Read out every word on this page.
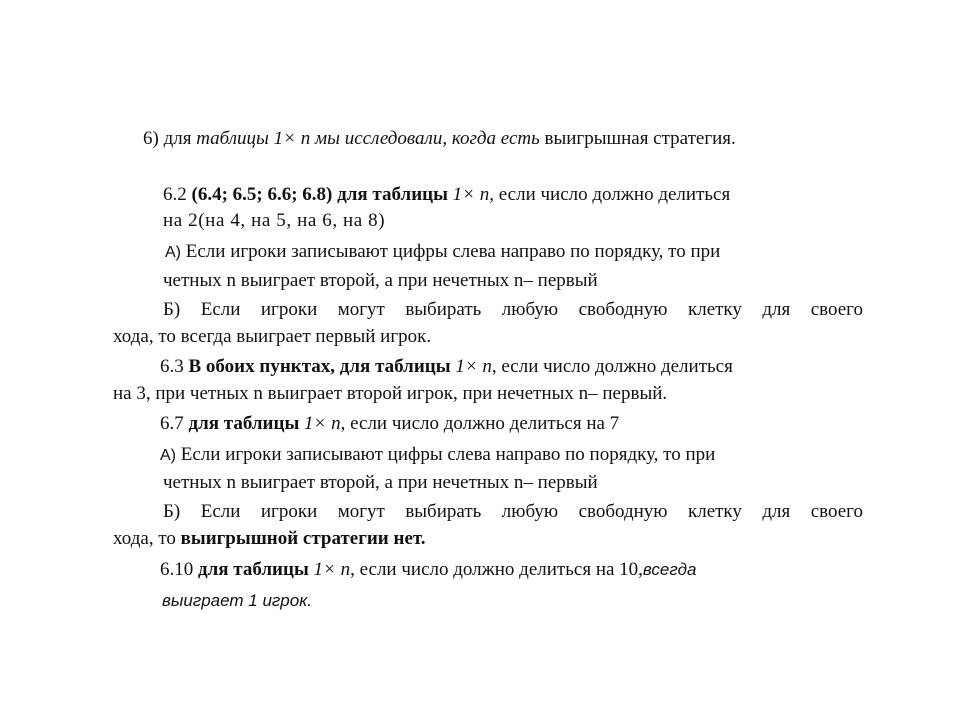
6) для таблицы 1× n мы исследовали, когда есть выигрышная стратегия.
6.2 (6.4; 6.5; 6.6; 6.8) для таблицы 1× n, если число должно делиться
на 2(на 4, на 5, на 6, на 8)
А) Если игроки записывают цифры слева направо по порядку, то при
четных n выиграет второй, а при нечетных n– первый
Б) Если игроки могут выбирать любую свободную клетку для своего
хода, то всегда выиграет первый игрок.
6.3 В обоих пунктах, для таблицы 1× n, если число должно делиться
на 3, при четных n выиграет второй игрок, при нечетных n– первый.
6.7 для таблицы 1× n, если число должно делиться на 7
А) Если игроки записывают цифры слева направо по порядку, то при
четных n выиграет второй, а при нечетных n– первый
Б) Если игроки могут выбирать любую свободную клетку для своего
хода, то выигрышной стратегии нет.
6.10 для таблицы 1× n, если число должно делиться на 10,всегда
выиграет 1 игрок.
